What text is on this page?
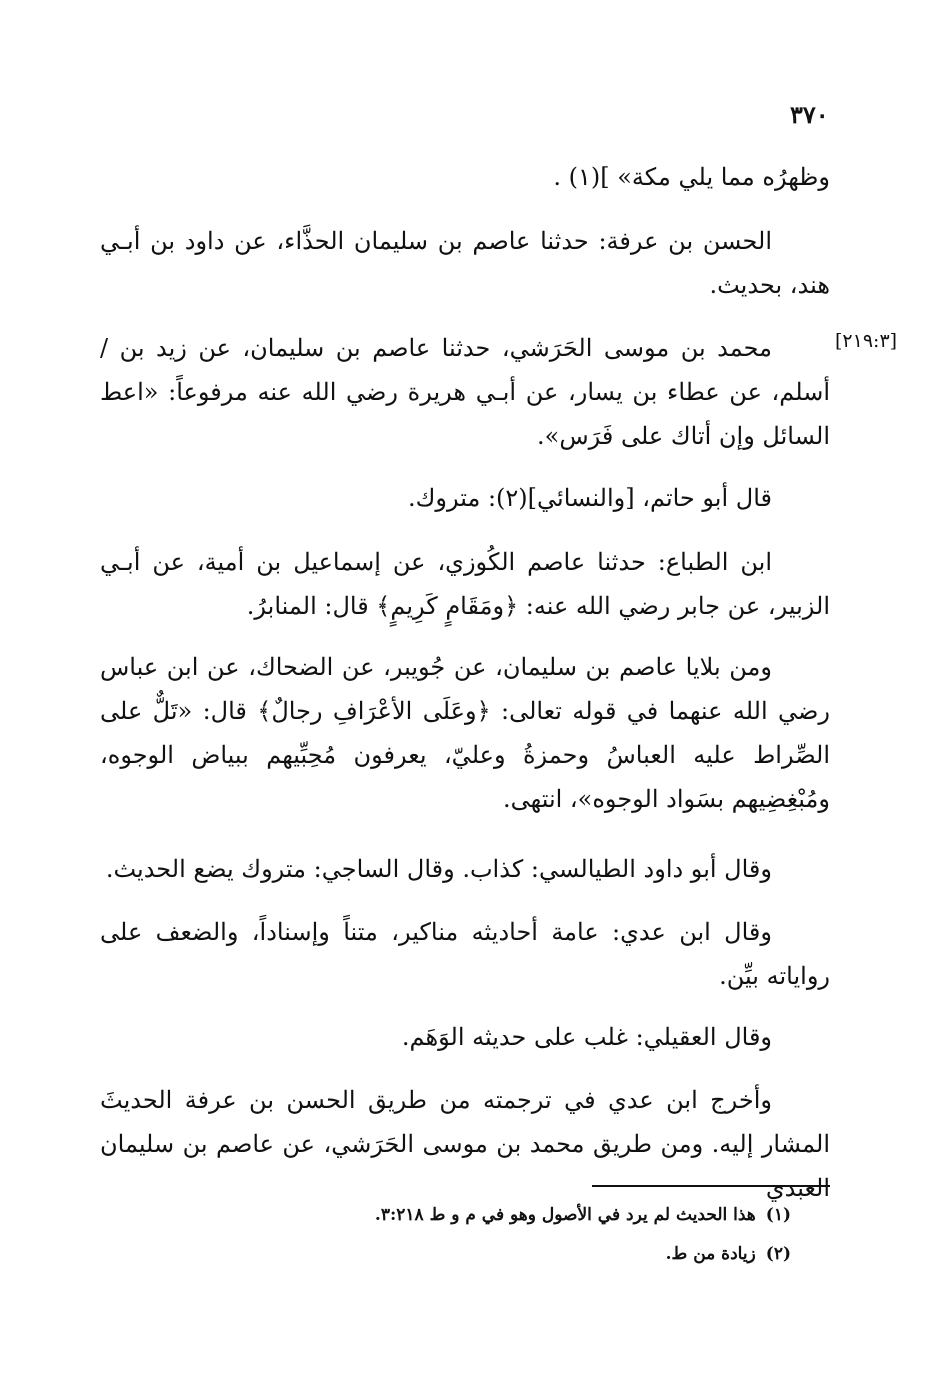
٣٧٠
[٢١٩:٣]
وظهرُه مما يلي مكة» ](١) .
الحسن بن عرفة: حدثنا عاصم بن سليمان الحذَّاء، عن داود بن أبـي هند، بحديث.
محمد بن موسى الحَرَشي، حدثنا عاصم بن سليمان، عن زيد بن / أسلم، عن عطاء بن يسار، عن أبـي هريرة رضي الله عنه مرفوعاً: «اعط السائل وإن أتاك على فَرَس».
قال أبو حاتم، [والنسائي](٢): متروك.
ابن الطباع: حدثنا عاصم الكُوزي، عن إسماعيل بن أمية، عن أبـي الزبير، عن جابر رضي الله عنه: ﴿ومَقَامٍ كَرِيمٍ﴾ قال: المنابرُ.
ومن بلايا عاصم بن سليمان، عن جُويبر، عن الضحاك، عن ابن عباس رضي الله عنهما في قوله تعالى: ﴿وعَلَى الأعْرَافِ رجالٌ﴾ قال: «تَلٌّ على الصِّراط عليه العباسُ وحمزةُ وعليّ، يعرفون مُحِبِّيهم ببياض الوجوه، ومُبْغِضِيهم بسَواد الوجوه»، انتهى.
وقال أبو داود الطيالسي: كذاب. وقال الساجي: متروك يضع الحديث.
وقال ابن عدي: عامة أحاديثه مناكير، متناً وإسناداً، والضعف على رواياته بيِّن.
وقال العقيلي: غلب على حديثه الوَهَم.
وأخرج ابن عدي في ترجمته من طريق الحسن بن عرفة الحديثَ المشار إليه. ومن طريق محمد بن موسى الحَرَشي، عن عاصم بن سليمان العبدي
(١)هذا الحديث لم يرد في الأصول وهو في م و ط ٣:٢١٨.
(٢)زيادة من ط.
